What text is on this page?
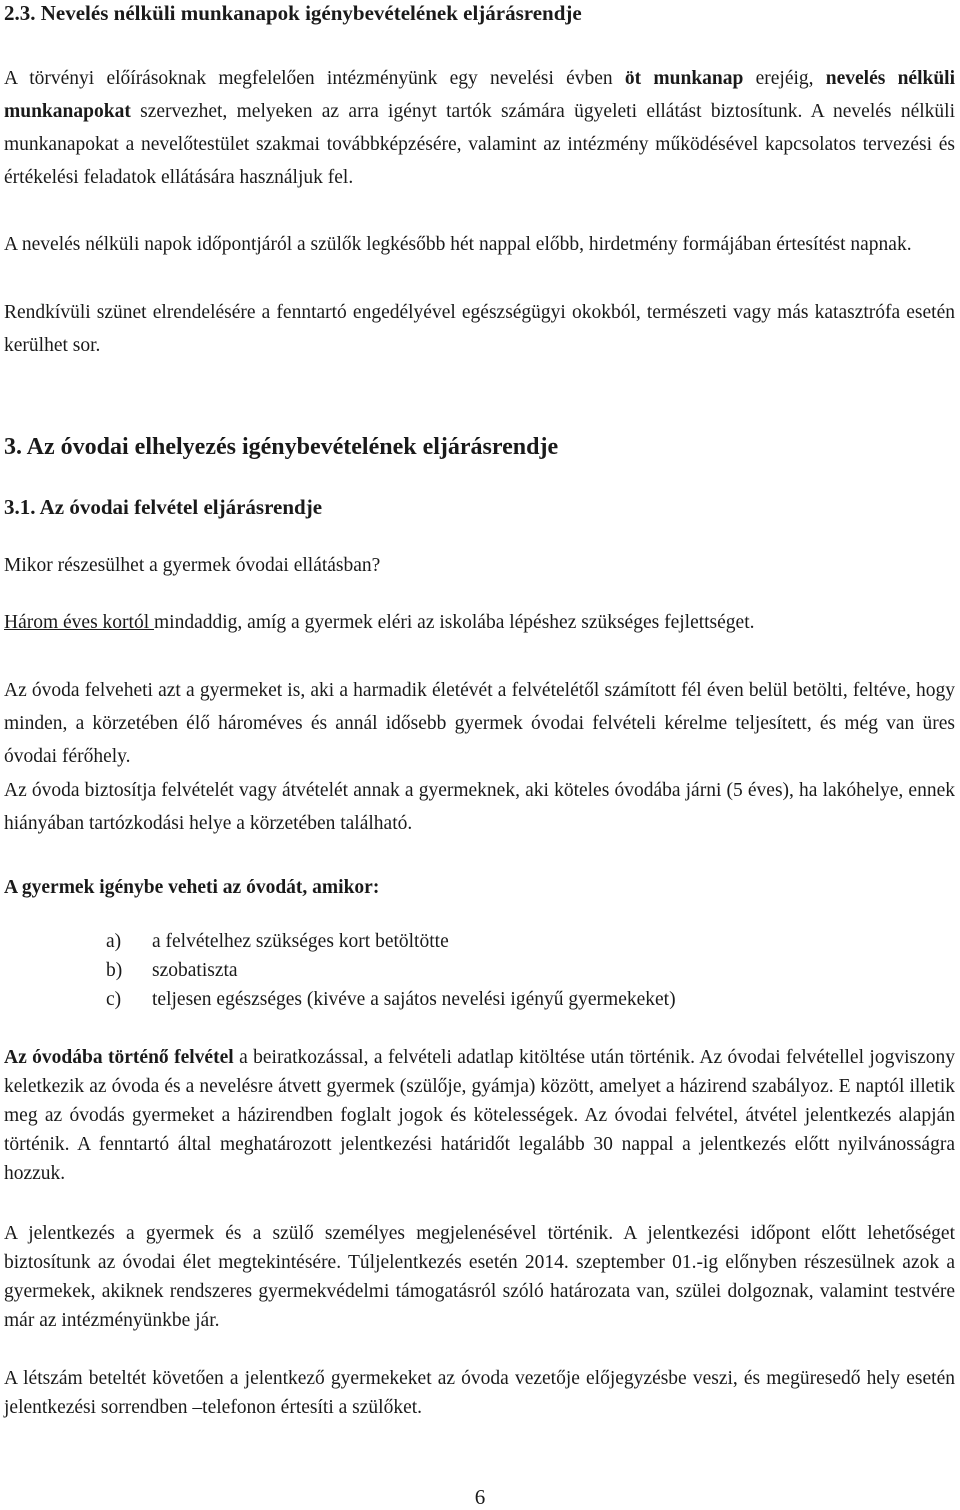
2.3. Nevelés nélküli munkanapok igénybevételének eljárásrendje

A törvényi előírásoknak megfelelően intézményünk egy nevelési évben öt munkanap erejéig, nevelés nélküli munkanapokat szervezhet, melyeken az arra igényt tartók számára ügyeleti ellátást biztosítunk. A nevelés nélküli munkanapokat a nevelőtestület szakmai továbbképzésére, valamint az intézmény működésével kapcsolatos tervezési és értékelési feladatok ellátására használjuk fel.

A nevelés nélküli napok időpontjáról a szülők legkésőbb hét nappal előbb, hirdetmény formájában értesítést napnak.

Rendkívüli szünet elrendelésére a fenntartó engedélyével egészségügyi okokból, természeti vagy más katasztrófa esetén kerülhet sor.

3. Az óvodai elhelyezés igénybevételének eljárásrendje
3.1. Az óvodai felvétel eljárásrendje

Mikor részesülhet a gyermek óvodai ellátásban?

Három éves kortól mindaddig, amíg a gyermek eléri az iskolába lépéshez szükséges fejlettséget.

Az óvoda felveheti azt a gyermeket is, aki a harmadik életévét a felvételétől számított fél éven belül betölti, feltéve, hogy minden, a körzetében élő hároméves és annál idősebb gyermek óvodai felvételi kérelme teljesített, és még van üres óvodai férőhely.

Az óvoda biztosítja felvételét vagy átvételét annak a gyermeknek, aki köteles óvodába járni (5 éves), ha lakóhelye, ennek hiányában tartózkodási helye a körzetében található.

A gyermek igénybe veheti az óvodát, amikor:

a) a felvételhez szükséges kort betöltötte
b) szobatiszta
c) teljesen egészséges (kivéve a sajátos nevelési igényű gyermekeket)

Az óvodába történő felvétel a beiratkozással, a felvételi adatlap kitöltése után történik. Az óvodai felvétellel jogviszony keletkezik az óvoda és a nevelésre átvett gyermek (szülője, gyámja) között, amelyet a házirend szabályoz. E naptól illetik meg az óvodás gyermeket a házirendben foglalt jogok és kötelességek. Az óvodai felvétel, átvétel jelentkezés alapján történik. A fenntartó által meghatározott jelentkezési határidőt legalább 30 nappal a jelentkezés előtt nyilvánosságra hozzuk.

A jelentkezés a gyermek és a szülő személyes megjelenésével történik. A jelentkezési időpont előtt lehetőséget biztosítunk az óvodai élet megtekintésére. Túljelentkezés esetén 2014. szeptember 01.-ig előnyben részesülnek azok a gyermekek, akiknek rendszeres gyermekvédelmi támogatásról szóló határozata van, szülei dolgoznak, valamint testvére már az intézményünkbe jár.

A létszám beteltét követően a jelentkező gyermekeket az óvoda vezetője előjegyzésbe veszi, és megüresedő hely esetén jelentkezési sorrendben –telefonon értesíti a szülőket.

6
